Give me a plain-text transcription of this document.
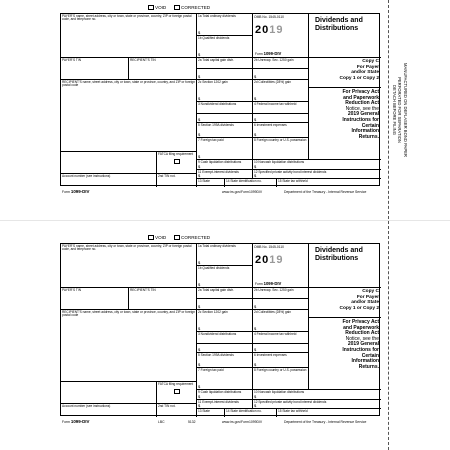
VOID	CORRECTED
PAYER'S name, street address, city or town, state or province, country, ZIP or foreign postal code, and telephone no.
1a Total ordinary dividends
$
1b Qualified dividends
$
OMB No. 1545-0110
2019
Form 1099-DIV
Dividends and
Distributions
PAYER'S TIN	RECIPIENT'S TIN	2a Total capital gain distr.	2b Unrecap. Sec. 1250 gain
$	$
Copy C
For Payer
and/or State
Copy 1 or Copy 2
2c Section 1202 gain
$
2d Collectibles (28%) gain
$
RECIPIENT'S name, street address, city or town, state or province, country, and ZIP or foreign postal code
For Privacy Act
and Paperwork
Reduction Act
Notice, see the
2019 General
Instructions for
Certain
Information
Returns.
3 Nondividend distributions	4 Federal income tax withheld
$	$
5 Section 199A dividends
$
6 Investment expenses
$
7 Foreign tax paid
$
8 Foreign country or U.S. possession
9 Cash liquidation distributions
$
10 Noncash liquidation distributions
$
FATCA filing requirement
11 Exempt-interest dividends
$
12 Specified private activity bond interest dividends
$
Account number (see instructions)	2nd TIN not.
13 State	14 State identification no.	15 State tax withheld
Form 1099-DIV	www.irs.gov/Form1099DIV	Department of the Treasury - Internal Revenue Service
VOID	CORRECTED
PAYER'S name, street address, city or town, state or province, country, ZIP or foreign postal code, and telephone no.
1a Total ordinary dividends
$
1b Qualified dividends
$
OMB No. 1545-0110
2019
Form 1099-DIV
Dividends and
Distributions
PAYER'S TIN	RECIPIENT'S TIN	2a Total capital gain distr.	2b Unrecap. Sec. 1250 gain
$	$
Copy C
For Payer
and/or State
Copy 1 or Copy 2
2c Section 1202 gain
$
2d Collectibles (28%) gain
$
RECIPIENT'S name, street address, city or town, state or province, country, and ZIP or foreign postal code
For Privacy Act
and Paperwork
Reduction Act
Notice, see the
2019 General
Instructions for
Certain
Information
Returns.
3 Nondividend distributions	4 Federal income tax withheld
$	$
5 Section 199A dividends
$
6 Investment expenses
$
7 Foreign tax paid
$
8 Foreign country or U.S. possession
9 Cash liquidation distributions
$
10 Noncash liquidation distributions
$
FATCA filing requirement
11 Exempt-interest dividends
$
12 Specified private activity bond interest dividends
$
Account number (see instructions)	2nd TIN not.
13 State	14 State identification no.	15 State tax withheld
Form 1099-DIV	LBC	5132	www.irs.gov/Form1099DIV	Department of the Treasury - Internal Revenue Service
MANUFACTURED ON DEFLASER BOND PAPER
PERFORATED FOR SEPARATION
DETACH BEFORE FILING
